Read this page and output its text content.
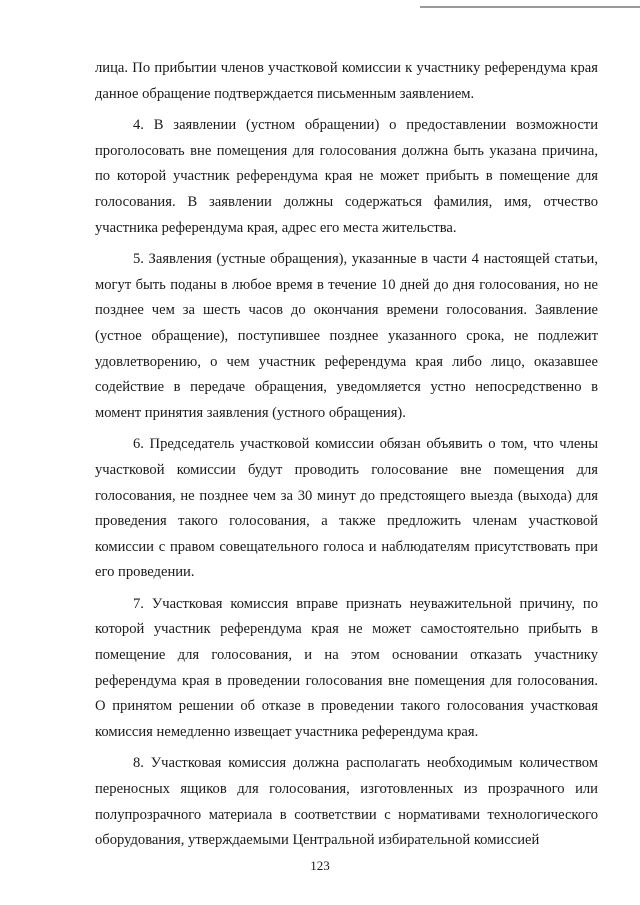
лица. По прибытии членов участковой комиссии к участнику референдума края данное обращение подтверждается письменным заявлением.

4. В заявлении (устном обращении) о предоставлении возможности проголосовать вне помещения для голосования должна быть указана причина, по которой участник референдума края не может прибыть в помещение для голосования. В заявлении должны содержаться фамилия, имя, отчество участника референдума края, адрес его места жительства.

5. Заявления (устные обращения), указанные в части 4 настоящей статьи, могут быть поданы в любое время в течение 10 дней до дня голосования, но не позднее чем за шесть часов до окончания времени голосования. Заявление (устное обращение), поступившее позднее указанного срока, не подлежит удовлетворению, о чем участник референдума края либо лицо, оказавшее содействие в передаче обращения, уведомляется устно непосредственно в момент принятия заявления (устного обращения).

6. Председатель участковой комиссии обязан объявить о том, что члены участковой комиссии будут проводить голосование вне помещения для голосования, не позднее чем за 30 минут до предстоящего выезда (выхода) для проведения такого голосования, а также предложить членам участковой комиссии с правом совещательного голоса и наблюдателям присутствовать при его проведении.

7. Участковая комиссия вправе признать неуважительной причину, по которой участник референдума края не может самостоятельно прибыть в помещение для голосования, и на этом основании отказать участнику референдума края в проведении голосования вне помещения для голосования. О принятом решении об отказе в проведении такого голосования участковая комиссия немедленно извещает участника референдума края.

8. Участковая комиссия должна располагать необходимым количеством переносных ящиков для голосования, изготовленных из прозрачного или полупрозрачного материала в соответствии с нормативами технологического оборудования, утверждаемыми Центральной избирательной комиссией

123
